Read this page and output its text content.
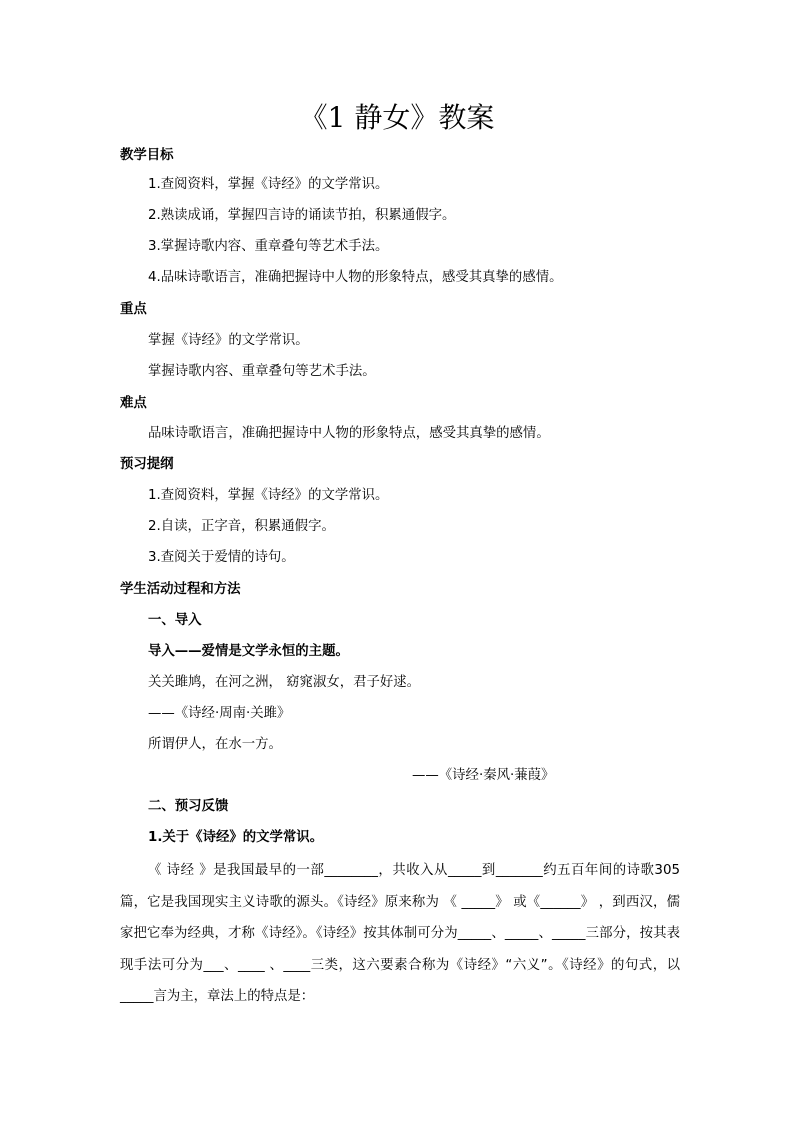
《1 静女》教案
教学目标
1.查阅资料，掌握《诗经》的文学常识。
2.熟读成诵，掌握四言诗的诵读节拍，积累通假字。
3.掌握诗歌内容、重章叠句等艺术手法。
4.品味诗歌语言，准确把握诗中人物的形象特点，感受其真挚的感情。
重点
掌握《诗经》的文学常识。
掌握诗歌内容、重章叠句等艺术手法。
难点
品味诗歌语言，准确把握诗中人物的形象特点，感受其真挚的感情。
预习提纲
1.查阅资料，掌握《诗经》的文学常识。
2.自读，正字音，积累通假字。
3.查阅关于爱情的诗句。
学生活动过程和方法
一、导入
导入——爱情是文学永恒的主题。
关关雎鸠，在河之洲， 窈窕淑女，君子好逑。
——《诗经·周南·关雎》
所谓伊人，在水一方。
——《诗经·秦风·蒹葭》
二、预习反馈
1.关于《诗经》的文学常识。
《 诗经 》是我国最早的一部________，共收入从_____到_______约五百年间的诗歌305篇，它是我国现实主义诗歌的源头。《诗经》原来称为 《 _____》 或《______》 ，到西汉，儒家把它奉为经典，才称《诗经》。《诗经》按其体制可分为_____、_____、_____三部分，按其表现手法可分为___、____ 、____三类，这六要素合称为《诗经》“六义”。《诗经》的句式，以_____言为主，章法上的特点是：
